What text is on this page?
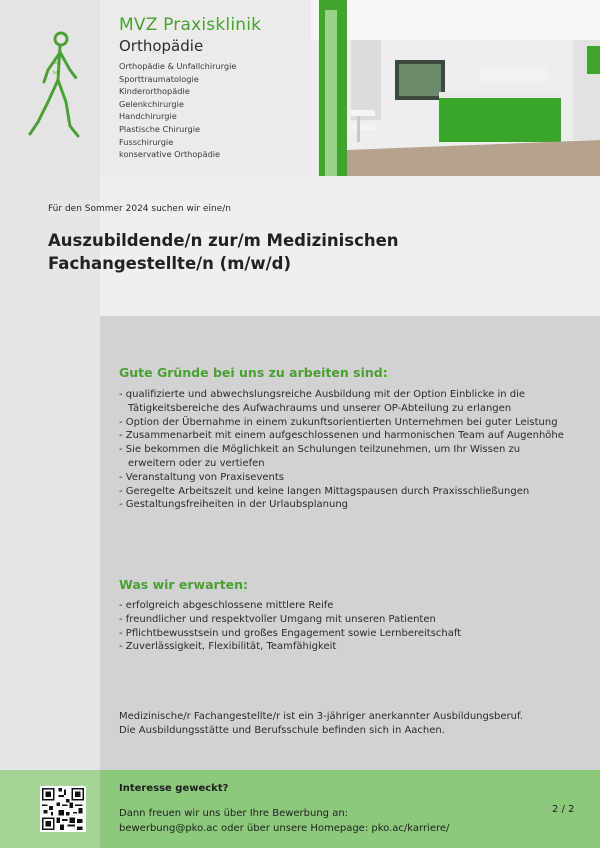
ort
ho
MVZ Praxisklinik
Orthopädie
Orthopädie & Unfallchirurgie
Sporttraumatologie
Kinderorthopädie
Gelenkchirurgie
Handchirurgie
Plastische Chirurgie
Fusschirurgie
konservative Orthopädie
Für den Sommer 2024 suchen wir eine/n
Auszubildende/n zur/m Medizinischen
Fachangestellte/n (m/w/d)
Gute Gründe bei uns zu arbeiten sind:
- qualifizierte und abwechslungsreiche Ausbildung mit der Option Einblicke in die Tätigkeitsbereiche des Aufwachraums und unserer OP-Abteilung zu erlangen
- Option der Übernahme in einem zukunftsorientierten Unternehmen bei guter Leistung
- Zusammenarbeit mit einem aufgeschlossenen und harmonischen Team auf Augenhöhe
- Sie bekommen die Möglichkeit an Schulungen teilzunehmen, um Ihr Wissen zu erweitern oder zu vertiefen
- Veranstaltung von Praxisevents
- Geregelte Arbeitszeit und keine langen Mittagspausen durch Praxisschließungen
- Gestaltungsfreiheiten in der Urlaubsplanung
Was wir erwarten:
- erfolgreich abgeschlossene mittlere Reife
- freundlicher und respektvoller Umgang mit unseren Patienten
- Pflichtbewusstsein und großes Engagement sowie Lernbereitschaft
- Zuverlässigkeit, Flexibilität, Teamfähigkeit
Medizinische/r Fachangestellte/r ist ein 3-jähriger anerkannter Ausbildungsberuf.
Die Ausbildungsstätte und Berufsschule befinden sich in Aachen.
Interesse geweckt?
Dann freuen wir uns über Ihre Bewerbung an:
bewerbung@pko.ac oder über unsere Homepage: pko.ac/karriere/
2 / 2
